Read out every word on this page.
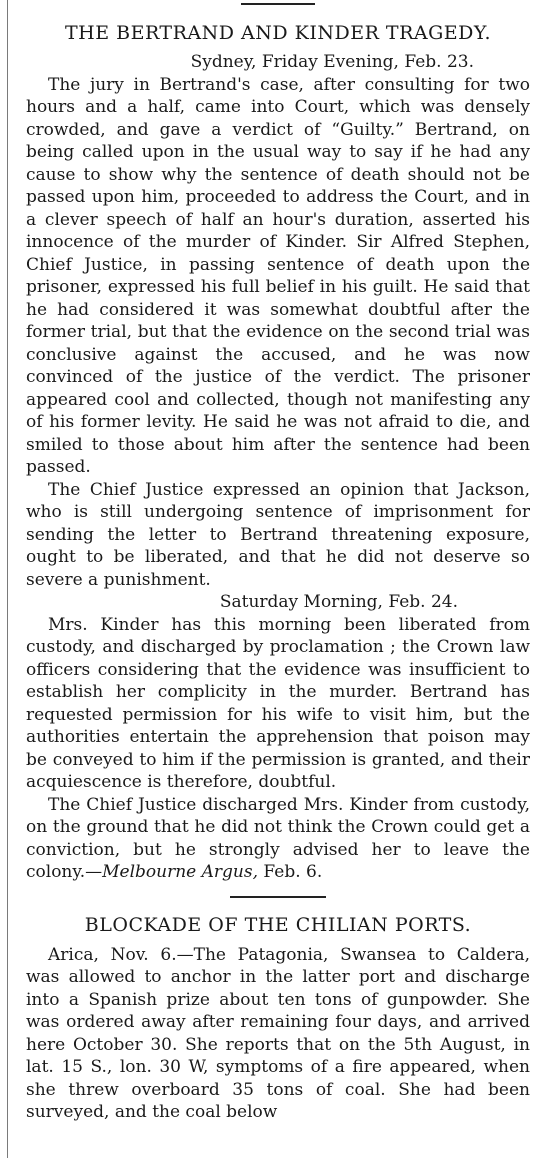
THE BERTRAND AND KINDER TRAGEDY.
Sydney, Friday Evening, Feb. 23.

The jury in Bertrand's case, after consulting for two hours and a half, came into Court, which was densely crowded, and gave a verdict of “Guilty.” Bertrand, on being called upon in the usual way to say if he had any cause to show why the sentence of death should not be passed upon him, proceeded to address the Court, and in a clever speech of half an hour's duration, asserted his innocence of the murder of Kinder. Sir Alfred Stephen, Chief Justice, in passing sentence of death upon the prisoner, expressed his full belief in his guilt. He said that he had considered it was somewhat doubtful after the former trial, but that the evidence on the second trial was conclusive against the accused, and he was now convinced of the justice of the verdict. The prisoner appeared cool and collected, though not manifesting any of his former levity. He said he was not afraid to die, and smiled to those about him after the sentence had been passed.

The Chief Justice expressed an opinion that Jackson, who is still undergoing sentence of imprisonment for sending the letter to Bertrand threatening exposure, ought to be liberated, and that he did not deserve so severe a punishment.

Saturday Morning, Feb. 24.

Mrs. Kinder has this morning been liberated from custody, and discharged by proclamation ; the Crown law officers considering that the evidence was insufficient to establish her complicity in the murder. Bertrand has requested permission for his wife to visit him, but the authorities entertain the apprehension that poison may be conveyed to him if the permission is granted, and their acquiescence is therefore, doubtful.

The Chief Justice discharged Mrs. Kinder from custody, on the ground that he did not think the Crown could get a conviction, but he strongly advised her to leave the colony.—Melbourne Argus, Feb. 6.

BLOCKADE OF THE CHILIAN PORTS.

Arica, Nov. 6.—The Patagonia, Swansea to Caldera, was allowed to anchor in the latter port and discharge into a Spanish prize about ten tons of gunpowder. She was ordered away after remaining four days, and arrived here October 30. She reports that on the 5th August, in lat. 15 S., lon. 30 W, symptoms of a fire appeared, when she threw overboard 35 tons of coal. She had been surveyed, and the coal below
